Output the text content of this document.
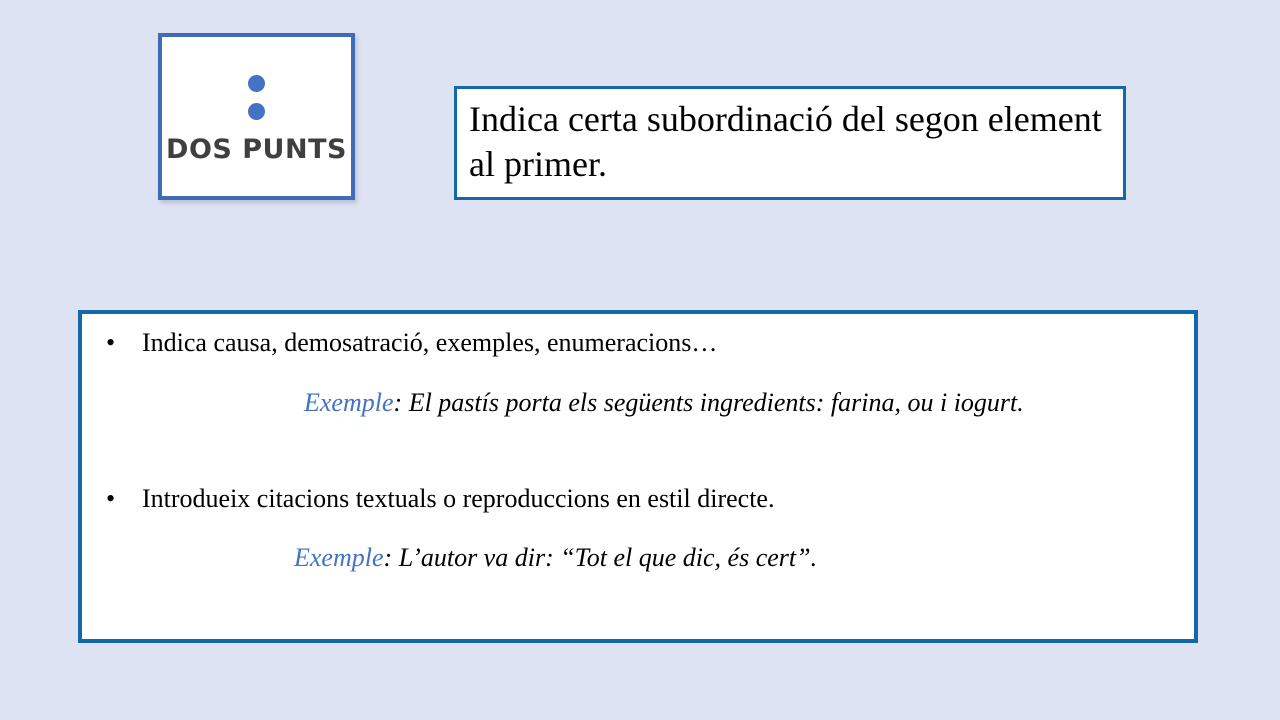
DOS PUNTS
Indica certa subordinació del segon element al primer.
•	Indica causa, demosatració, exemples, enumeracions…
Exemple: El pastís porta els següents ingredients: farina, ou i iogurt.
•	Introdueix citacions textuals o reproduccions en estil directe.
Exemple: L’autor va dir: “Tot el que dic, és cert”.
